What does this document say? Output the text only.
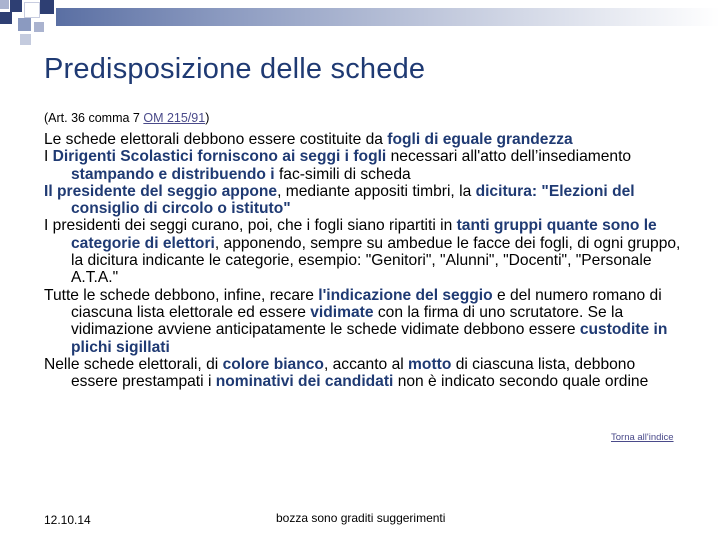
Predisposizione delle schede
(Art. 36 comma 7 OM 215/91)

Le schede elettorali debbono essere costituite da fogli di eguale grandezza

I Dirigenti Scolastici forniscono ai seggi i fogli necessari all'atto dell’insediamento stampando e distribuendo i fac-simili di scheda

Il presidente del seggio appone, mediante appositi timbri, la dicitura: "Elezioni del consiglio di circolo o istituto"

I presidenti dei seggi curano, poi, che i fogli siano ripartiti in tanti gruppi quante sono le categorie di elettori, apponendo, sempre su ambedue le facce dei fogli, di ogni gruppo, la dicitura indicante le categorie, esempio: "Genitori", "Alunni", "Docenti", "Personale A.T.A."

Tutte le schede debbono, infine, recare l'indicazione del seggio e del numero romano di ciascuna lista elettorale ed essere vidimate con la firma di uno scrutatore. Se la vidimazione avviene anticipatamente le schede vidimate debbono essere custodite in plichi sigillati

Nelle schede elettorali, di colore bianco, accanto al motto di ciascuna lista, debbono essere prestampati i nominativi dei candidati non è indicato secondo quale ordine

Torna all'indice
12.10.14	bozza sono graditi suggerimenti
